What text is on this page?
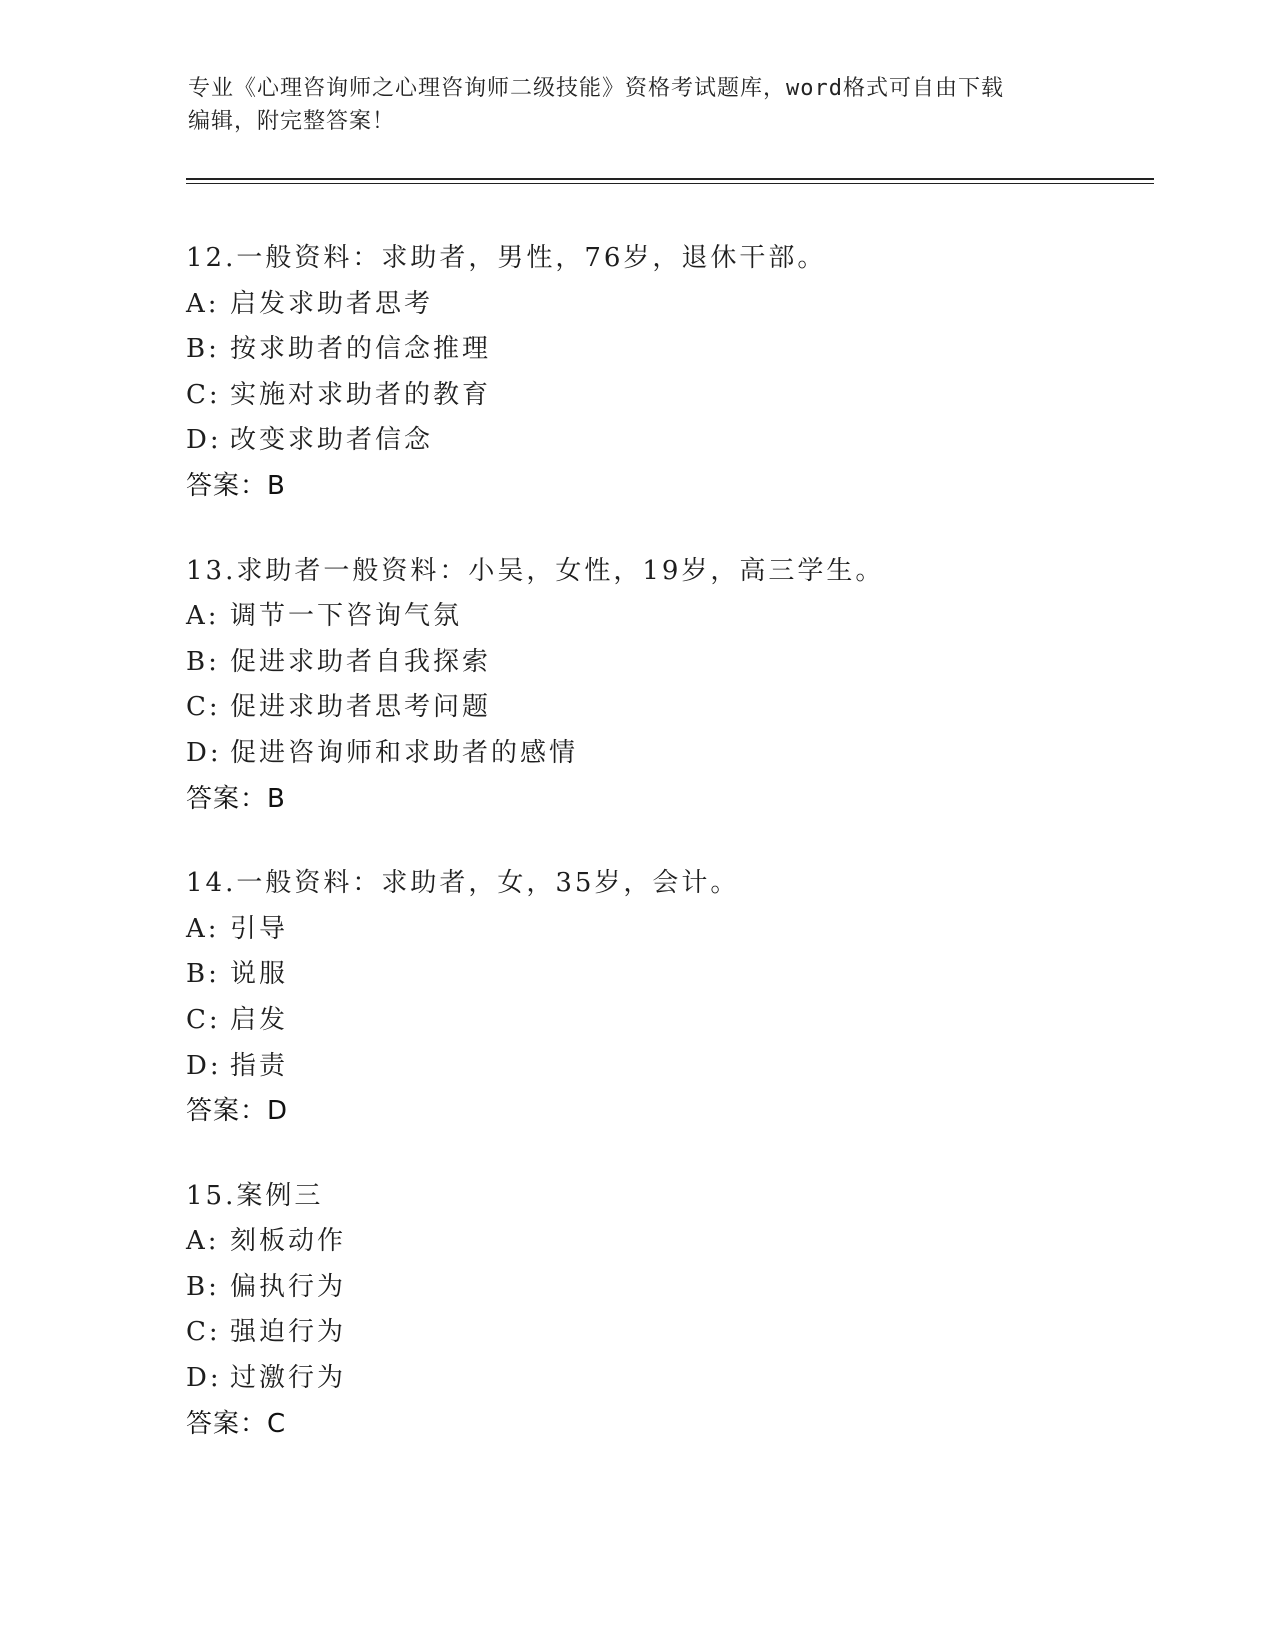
专业《心理咨询师之心理咨询师二级技能》资格考试题库，word格式可自由下载
编辑，附完整答案！
12.一般资料：求助者，男性，76岁，退休干部。
A: 启发求助者思考
B: 按求助者的信念推理
C: 实施对求助者的教育
D: 改变求助者信念
答案：B
13.求助者一般资料：小吴，女性，19岁，高三学生。
A: 调节一下咨询气氛
B: 促进求助者自我探索
C: 促进求助者思考问题
D: 促进咨询师和求助者的感情
答案：B
14.一般资料：求助者，女，35岁，会计。
A: 引导
B: 说服
C: 启发
D: 指责
答案：D
15.案例三
A: 刻板动作
B: 偏执行为
C: 强迫行为
D: 过激行为
答案：C
